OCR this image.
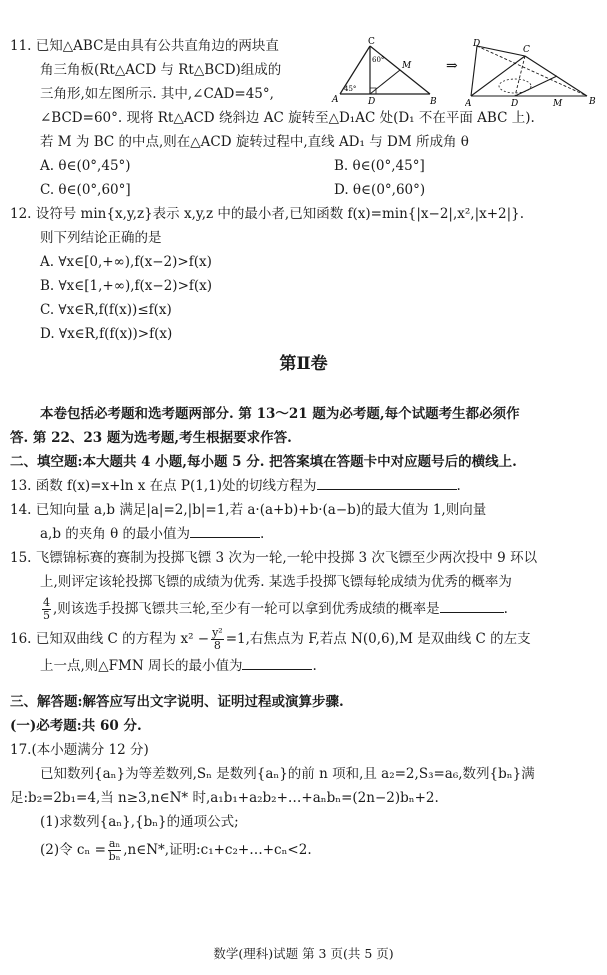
11. 已知△ABC是由具有公共直角边的两块直
角三角板(Rt△ACD 与 Rt△BCD)组成的
三角形,如左图所示. 其中,∠CAD=45°,
∠BCD=60°. 现将 Rt△ACD 绕斜边 AC 旋转至△D₁AC 处(D₁ 不在平面 ABC 上).
若 M 为 BC 的中点,则在△ACD 旋转过程中,直线 AD₁ 与 DM 所成角 θ
A. θ∈(0°,45°)	B. θ∈(0°,45°]
C. θ∈(0°,60°]	D. θ∈(0°,60°)
C
A	D	B
M
45°
60°	⇒
D
A	D	M	B
C
12. 设符号 min{x,y,z}表示 x,y,z 中的最小者,已知函数 f(x)=min{|x−2|,x²,|x+2|}.
则下列结论正确的是
A. ∀x∈[0,+∞),f(x−2)>f(x)
B. ∀x∈[1,+∞),f(x−2)>f(x)
C. ∀x∈R,f(f(x))≤f(x)
D. ∀x∈R,f(f(x))>f(x)
第Ⅱ卷
本卷包括必考题和选考题两部分. 第 13～21 题为必考题,每个试题考生都必须作
答. 第 22、23 题为选考题,考生根据要求作答.
二、填空题:本大题共 4 小题,每小题 5 分. 把答案填在答题卡中对应题号后的横线上.
13. 函数 f(x)=x+ln x 在点 P(1,1)处的切线方程为	.
14. 已知向量 a,b 满足|a|=2,|b|=1,若 a·(a+b)+b·(a−b)的最大值为 1,则向量
a,b 的夹角 θ 的最小值为	.
15. 飞镖锦标赛的赛制为投掷飞镖 3 次为一轮,一轮中投掷 3 次飞镖至少两次投中 9 环以
上,则评定该轮投掷飞镖的成绩为优秀. 某选手投掷飞镖每轮成绩为优秀的概率为
$\frac{4}{5}$ ,则该选手投掷飞镖共三轮,至少有一轮可以拿到优秀成绩的概率是	.
16. 已知双曲线 C 的方程为 $x^2 - \frac{\text{y²}}{8} =1$,右焦点为 F,若点 N(0,6),M 是双曲线 C 的左支
上一点,则△FMN 周长的最小值为	.
三、解答题:解答应写出文字说明、证明过程或演算步骤.
(一)必考题:共 60 分.
17.(本小题满分 12 分)
已知数列{aₙ}为等差数列,Sₙ 是数列{aₙ}的前 n 项和,且 a₂=2,S₃=a₆,数列{bₙ}满
足:b₂=2b₁=4,当 n≥3,n∈N* 时,a₁b₁+a₂b₂+…+aₙbₙ=(2n−2)bₙ+2.
(1)求数列{aₙ},{bₙ}的通项公式;
(2)令 $c_n = \frac{\text{aₙ}}{\text{bₙ}}$ ,n∈N*,证明:c₁+c₂+…+cₙ<2.
数学(理科)试题 第 3 页(共 5 页)
